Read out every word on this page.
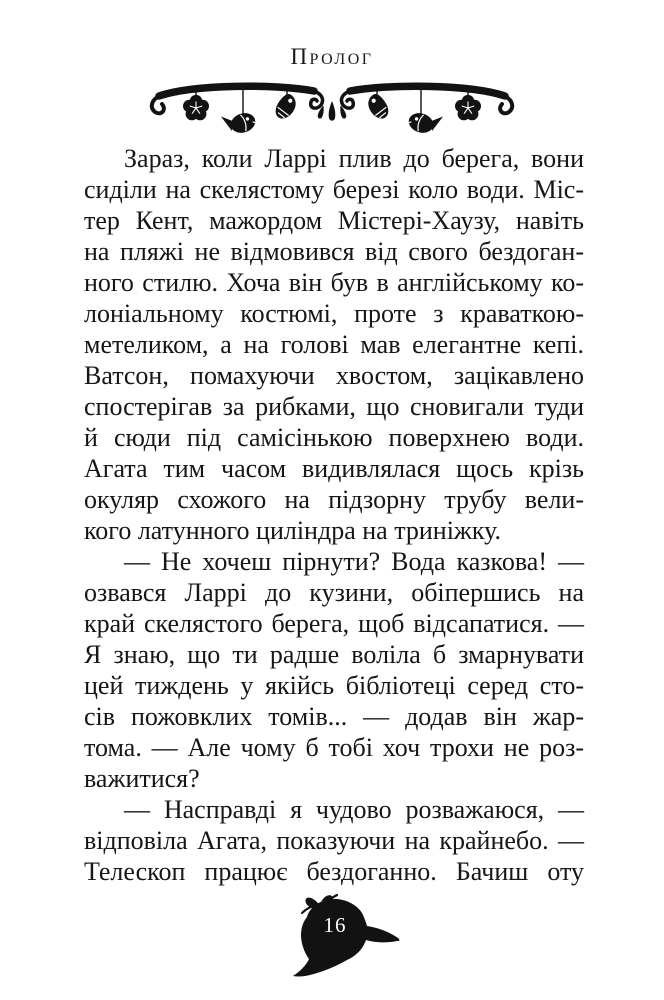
Пролог
Зараз, коли Ларрі плив до берега, вони
сиділи на скелястому березі коло води. Міс-
тер Кент, мажордом Містері-Хаузу, навіть
на пляжі не відмовився від свого бездоган-
ного стилю. Хоча він був в англійському ко-
лоніальному костюмі, проте з краваткою-
метеликом, а на голові мав елегантне кепі.
Ватсон, помахуючи хвостом, зацікавлено
спостерігав за рибками, що сновигали туди
й сюди під самісінькою поверхнею води.
Агата тим часом видивлялася щось крізь
окуляр схожого на підзорну трубу вели-
кого латунного циліндра на триніжку.
— Не хочеш пірнути? Вода казкова! —
озвався Ларрі до кузини, обіпершись на
край скелястого берега, щоб відсапатися. —
Я знаю, що ти радше воліла б змарнувати
цей тиждень у якійсь бібліотеці серед сто-
сів пожовклих томів... — додав він жар-
тома. — Але чому б тобі хоч трохи не роз-
важитися?
— Насправді я чудово розважаюся, —
відповіла Агата, показуючи на крайнебо. —
Телескоп працює бездоганно. Бачиш оту
16
